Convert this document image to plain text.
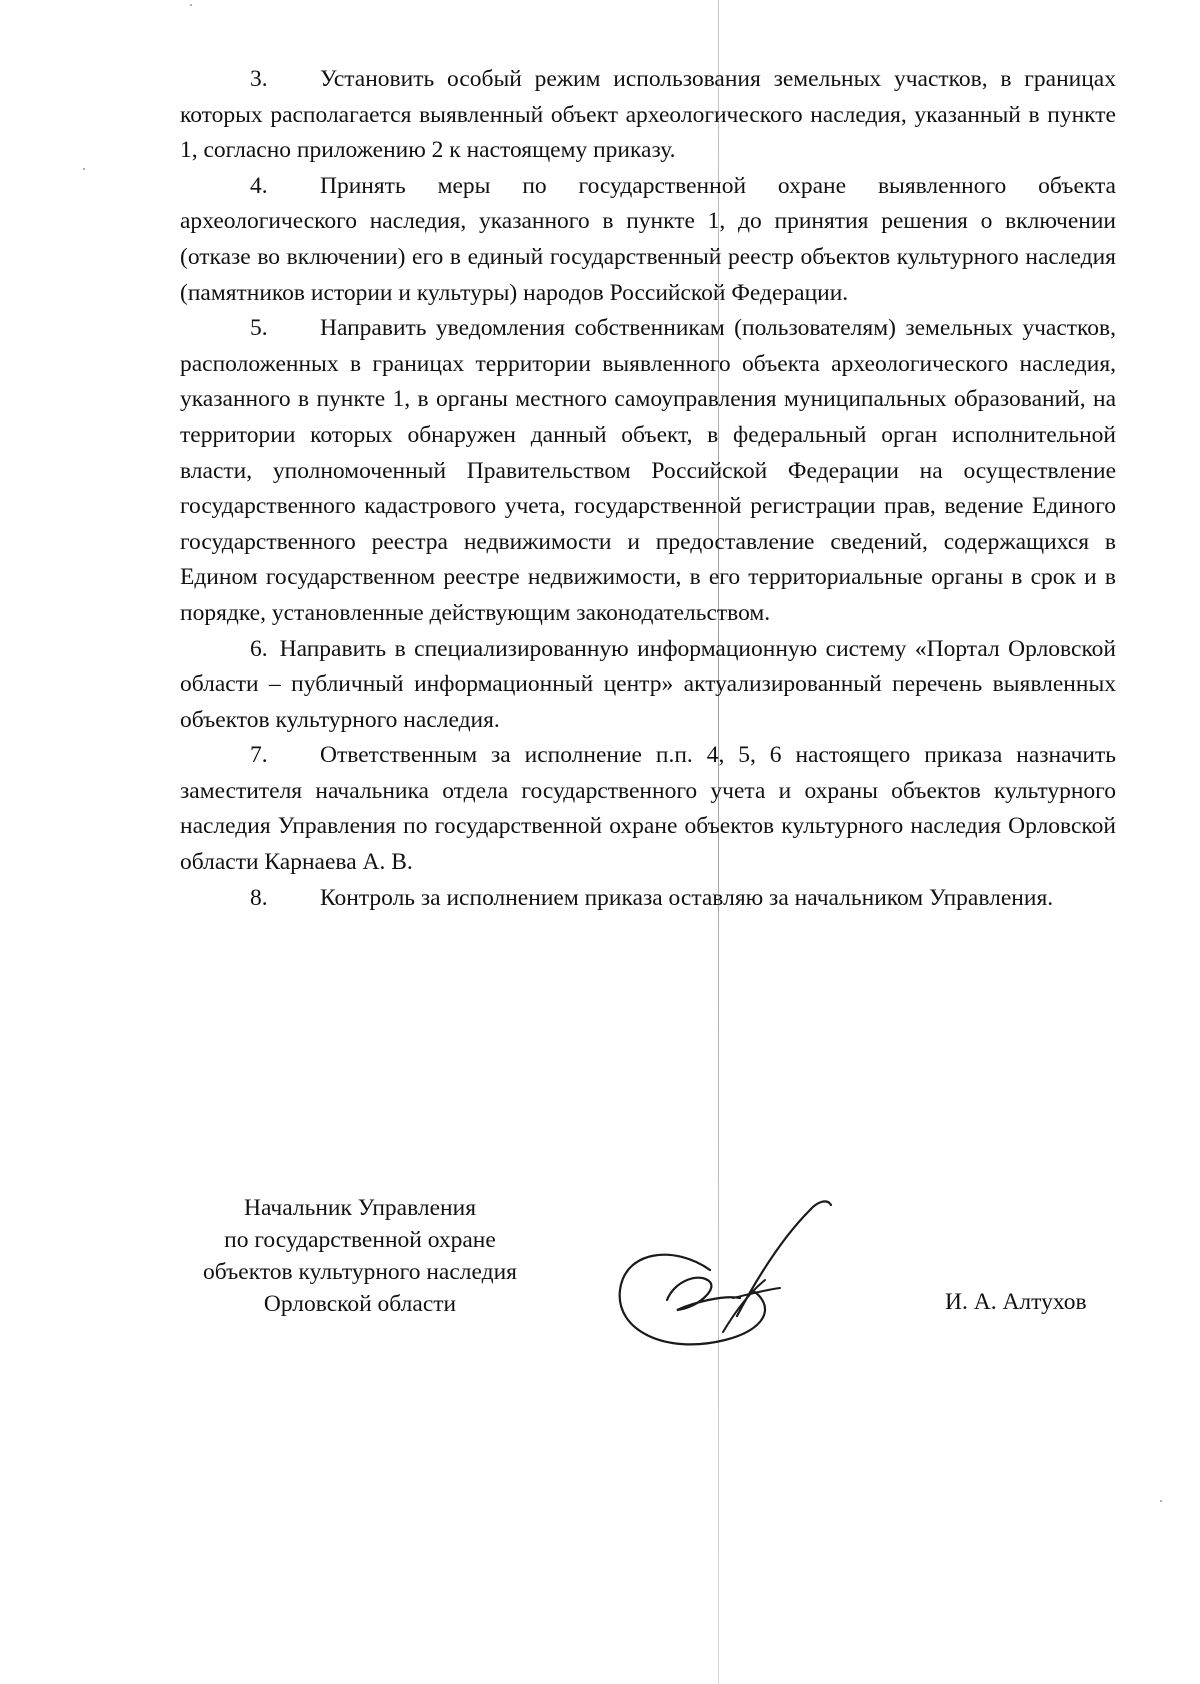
3. Установить особый режим использования земельных участков, в границах которых располагается выявленный объект археологического наследия, указанный в пункте 1, согласно приложению 2 к настоящему приказу.

4. Принять меры по государственной охране выявленного объекта археологического наследия, указанного в пункте 1, до принятия решения о включении (отказе во включении) его в единый государственный реестр объектов культурного наследия (памятников истории и культуры) народов Российской Федерации.

5. Направить уведомления собственникам (пользователям) земельных участков, расположенных в границах территории выявленного объекта археологического наследия, указанного в пункте 1, в органы местного самоуправления муниципальных образований, на территории которых обнаружен данный объект, в федеральный орган исполнительной власти, уполномоченный Правительством Российской Федерации на осуществление государственного кадастрового учета, государственной регистрации прав, ведение Единого государственного реестра недвижимости и предоставление сведений, содержащихся в Едином государственном реестре недвижимости, в его территориальные органы в срок и в порядке, установленные действующим законодательством.

6. Направить в специализированную информационную систему «Портал Орловской области – публичный информационный центр» актуализированный перечень выявленных объектов культурного наследия.

7. Ответственным за исполнение п.п. 4, 5, 6 настоящего приказа назначить заместителя начальника отдела государственного учета и охраны объектов культурного наследия Управления по государственной охране объектов культурного наследия Орловской области Карнаева А. В.

8. Контроль за исполнением приказа оставляю за начальником Управления.

Начальник Управления
по государственной охране
объектов культурного наследия
Орловской области	И. А. Алтухов
